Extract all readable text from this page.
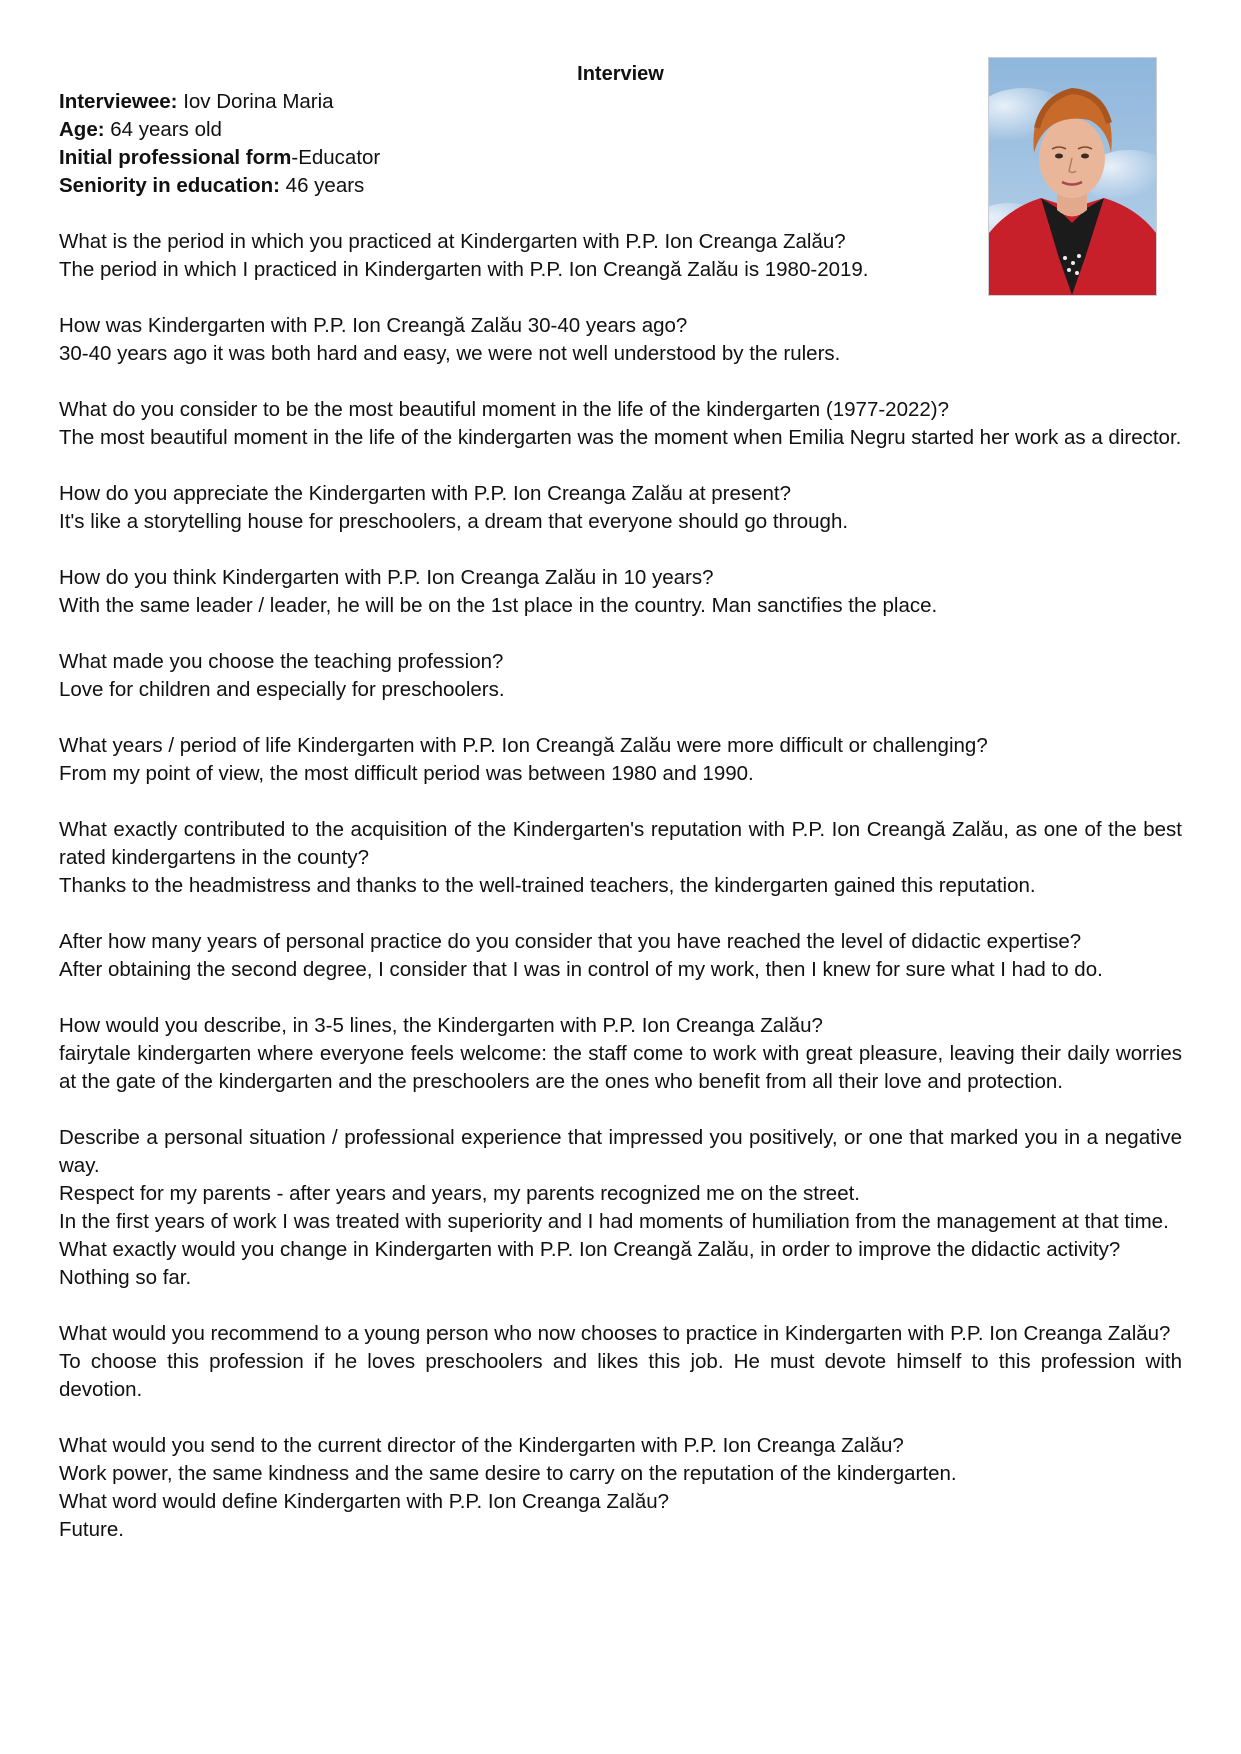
Interview
Interviewee: Iov Dorina Maria
Age: 64 years old
Initial professional form-Educator
Seniority in education: 46 years
What is the period in which you practiced at Kindergarten with P.P. Ion Creanga Zalău?
The period in which I practiced in Kindergarten with P.P. Ion Creangă Zalău is 1980-2019.
How was Kindergarten with P.P. Ion Creangă Zalău 30-40 years ago?
30-40 years ago it was both hard and easy, we were not well understood by the rulers.
What do you consider to be the most beautiful moment in the life of the kindergarten (1977-2022)?
The most beautiful moment in the life of the kindergarten was the moment when Emilia Negru started her work as a director.
How do you appreciate the Kindergarten with P.P. Ion Creanga Zalău at present?
It's like a storytelling house for preschoolers, a dream that everyone should go through.
How do you think Kindergarten with P.P. Ion Creanga Zalău in 10 years?
With the same leader / leader, he will be on the 1st place in the country. Man sanctifies the place.
What made you choose the teaching profession?
Love for children and especially for preschoolers.
What years / period of life Kindergarten with P.P. Ion Creangă Zalău were more difficult or challenging?
From my point of view, the most difficult period was between 1980 and 1990.
What exactly contributed to the acquisition of the Kindergarten's reputation with P.P. Ion Creangă Zalău, as one of the best rated kindergartens in the county?
Thanks to the headmistress and thanks to the well-trained teachers, the kindergarten gained this reputation.
After how many years of personal practice do you consider that you have reached the level of didactic expertise?
After obtaining the second degree, I consider that I was in control of my work, then I knew for sure what I had to do.
How would you describe, in 3-5 lines, the Kindergarten with P.P. Ion Creanga Zalău?
fairytale kindergarten where everyone feels welcome: the staff come to work with great pleasure, leaving their daily worries at the gate of the kindergarten and the preschoolers are the ones who benefit from all their love and protection.
Describe a personal situation / professional experience that impressed you positively, or one that marked you in a negative way.
Respect for my parents - after years and years, my parents recognized me on the street.
In the first years of work I was treated with superiority and I had moments of humiliation from the management at that time.
What exactly would you change in Kindergarten with P.P. Ion Creangă Zalău, in order to improve the didactic activity?
Nothing so far.
What would you recommend to a young person who now chooses to practice in Kindergarten with P.P. Ion Creanga Zalău?
To choose this profession if he loves preschoolers and likes this job. He must devote himself to this profession with devotion.
What would you send to the current director of the Kindergarten with P.P. Ion Creanga Zalău?
Work power, the same kindness and the same desire to carry on the reputation of the kindergarten.
What word would define Kindergarten with P.P. Ion Creanga Zalău?
Future.
